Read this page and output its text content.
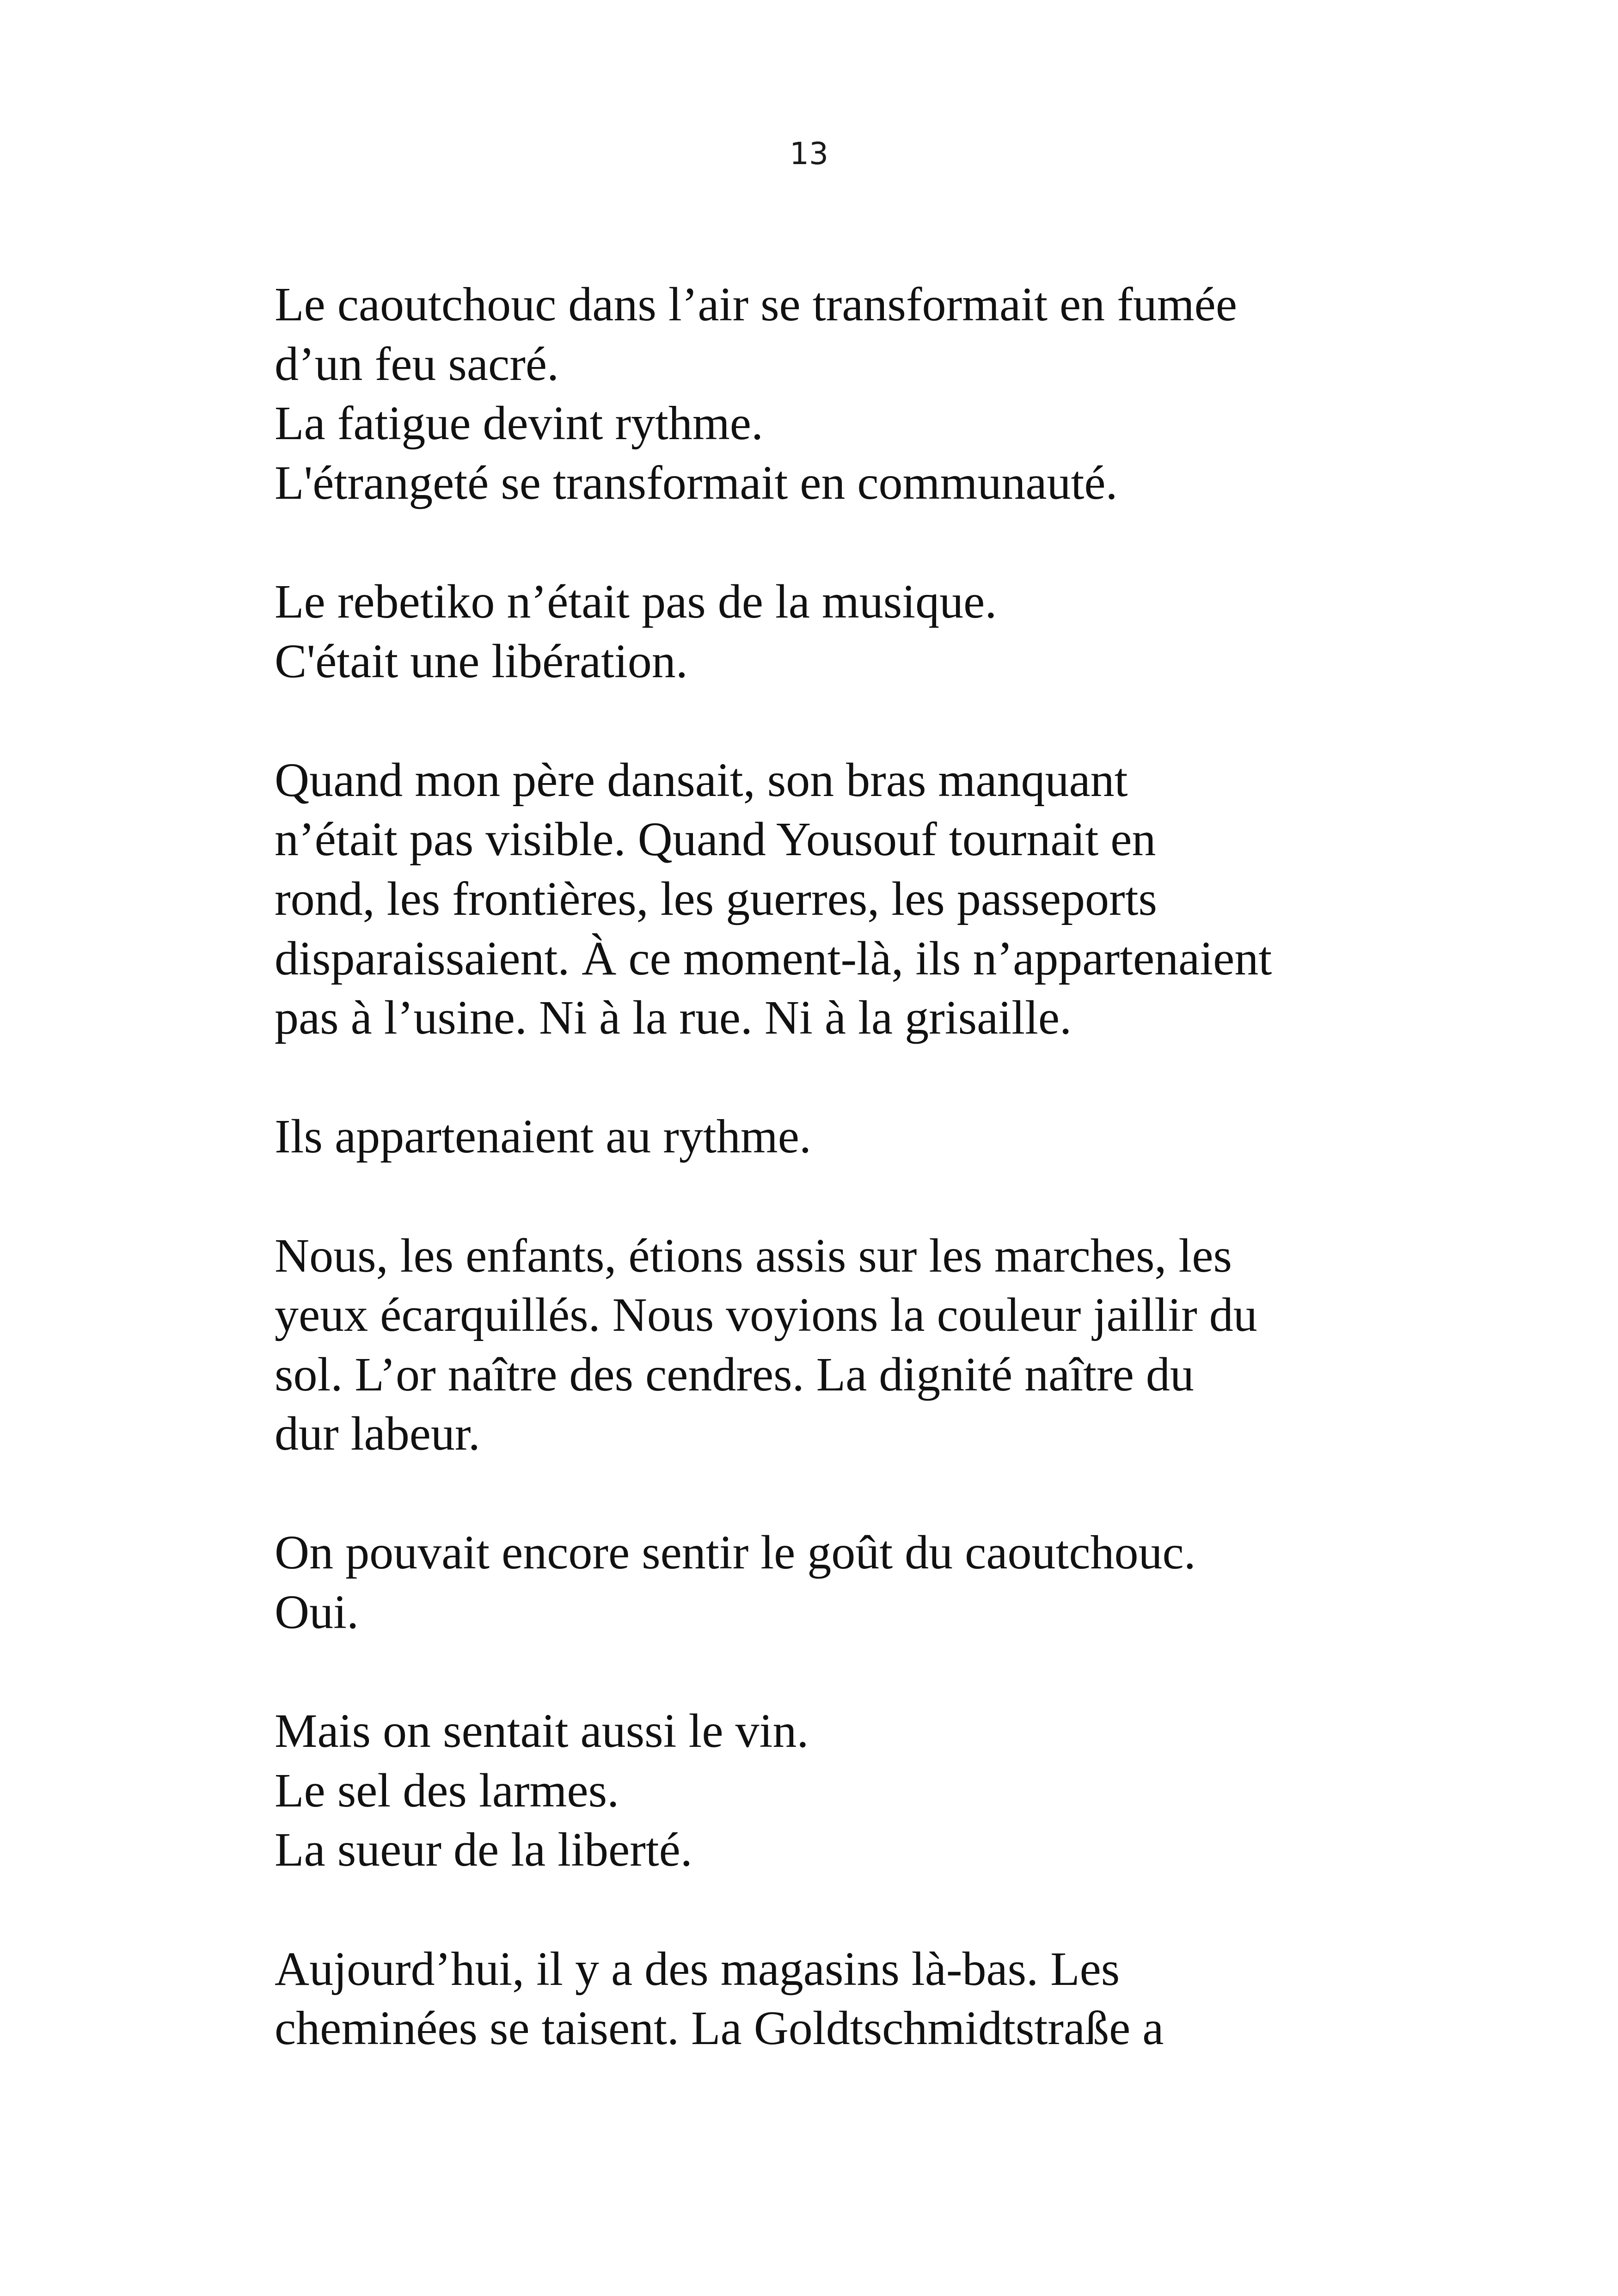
13

Le caoutchouc dans l’air se transformait en fumée
d’un feu sacré.
La fatigue devint rythme.
L'étrangeté se transformait en communauté.

Le rebetiko n’était pas de la musique.
C'était une libération.

Quand mon père dansait, son bras manquant
n’était pas visible. Quand Yousouf tournait en
rond, les frontières, les guerres, les passeports
disparaissaient. À ce moment-là, ils n’appartenaient
pas à l’usine. Ni à la rue. Ni à la grisaille.

Ils appartenaient au rythme.

Nous, les enfants, étions assis sur les marches, les
yeux écarquillés. Nous voyions la couleur jaillir du
sol. L’or naître des cendres. La dignité naître du
dur labeur.

On pouvait encore sentir le goût du caoutchouc.
Oui.

Mais on sentait aussi le vin.
Le sel des larmes.
La sueur de la liberté.

Aujourd’hui, il y a des magasins là-bas. Les
cheminées se taisent. La Goldtschmidtstraße a
